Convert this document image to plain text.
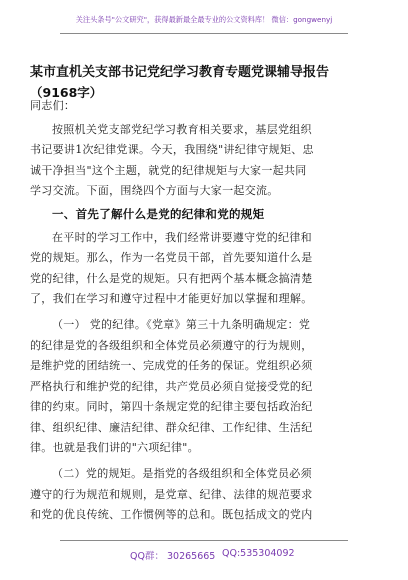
关注头条号"公文研究"，获得最新最全最专业的公文资料库！ 微信：gongwenyj
某市直机关支部书记党纪学习教育专题党课辅导报告
（9168字）
同志们：
按照机关党支部党纪学习教育相关要求，基层党组织
书记要讲1次纪律党课。今天，我围绕"讲纪律守规矩、忠
诚干净担当"这个主题，就党的纪律规矩与大家一起共同
学习交流。下面，围绕四个方面与大家一起交流。
一、首先了解什么是党的纪律和党的规矩
在平时的学习工作中，我们经常讲要遵守党的纪律和
党的规矩。那么，作为一名党员干部，首先要知道什么是
党的纪律，什么是党的规矩。只有把两个基本概念搞清楚
了，我们在学习和遵守过程中才能更好加以掌握和理解。
（一） 党的纪律。《党章》第三十九条明确规定：党
的纪律是党的各级组织和全体党员必须遵守的行为规则，
是维护党的团结统一、完成党的任务的保证。党组织必须
严格执行和维护党的纪律，共产党员必须自觉接受党的纪
律的约束。同时，第四十条规定党的纪律主要包括政治纪
律、组织纪律、廉洁纪律、群众纪律、工作纪律、生活纪
律。也就是我们讲的"六项纪律"。
（二）党的规矩。是指党的各级组织和全体党员必须
遵守的行为规范和规则，是党章、纪律、法律的规范要求
和党的优良传统、工作惯例等的总和。既包括成文的党内
QQ群： 30265665 QQ:535304092
